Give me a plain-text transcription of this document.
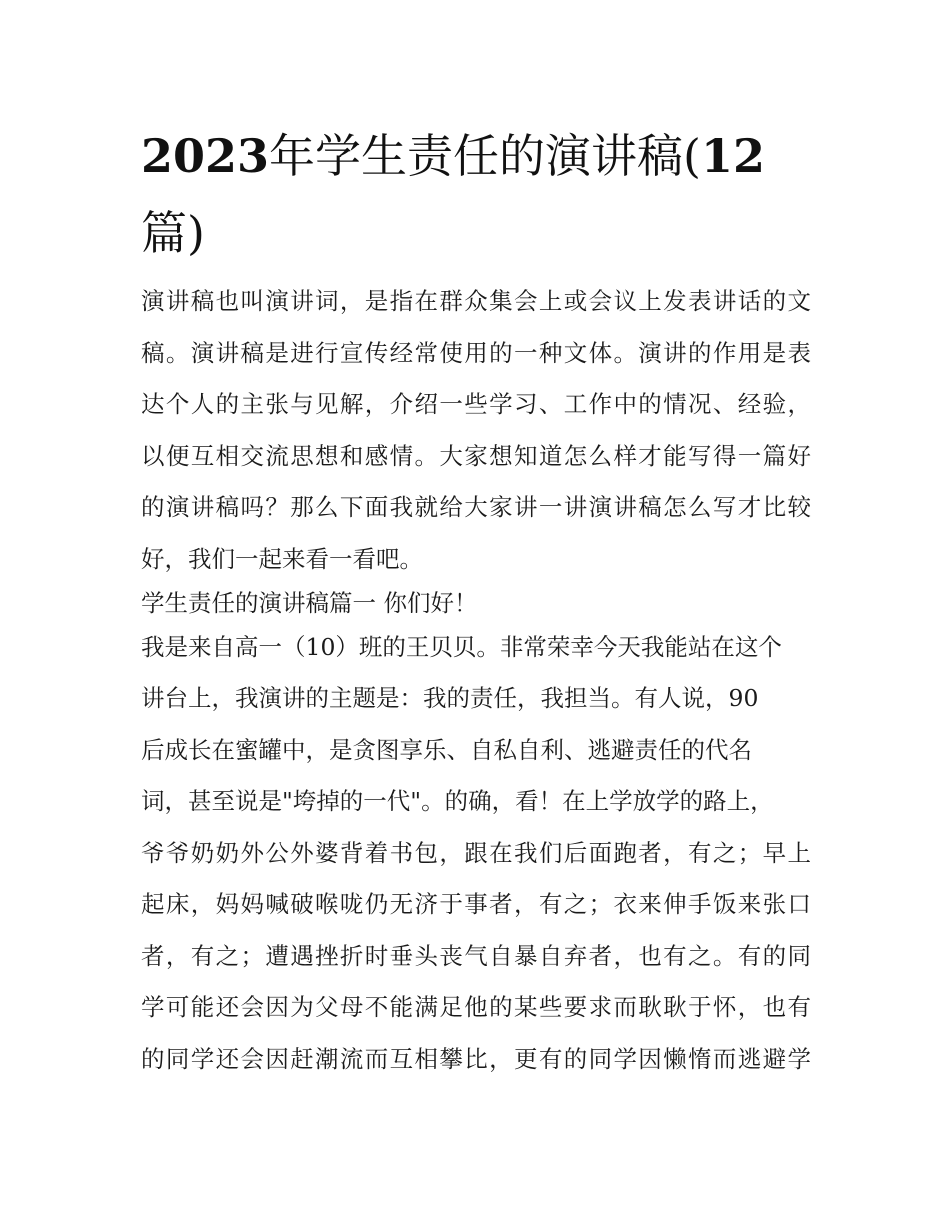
2023年学生责任的演讲稿(12
篇)
演讲稿也叫演讲词，是指在群众集会上或会议上发表讲话的文
稿。演讲稿是进行宣传经常使用的一种文体。演讲的作用是表
达个人的主张与见解，介绍一些学习、工作中的情况、经验，
以便互相交流思想和感情。大家想知道怎么样才能写得一篇好
的演讲稿吗？那么下面我就给大家讲一讲演讲稿怎么写才比较
好，我们一起来看一看吧。
学生责任的演讲稿篇一 你们好！
我是来自高一（10）班的王贝贝。非常荣幸今天我能站在这个
讲台上，我演讲的主题是：我的责任，我担当。有人说，90
后成长在蜜罐中，是贪图享乐、自私自利、逃避责任的代名
词，甚至说是"垮掉的一代"。的确，看！在上学放学的路上，
爷爷奶奶外公外婆背着书包，跟在我们后面跑者，有之；早上
起床，妈妈喊破喉咙仍无济于事者，有之；衣来伸手饭来张口
者，有之；遭遇挫折时垂头丧气自暴自弃者，也有之。有的同
学可能还会因为父母不能满足他的某些要求而耿耿于怀，也有
的同学还会因赶潮流而互相攀比，更有的同学因懒惰而逃避学
